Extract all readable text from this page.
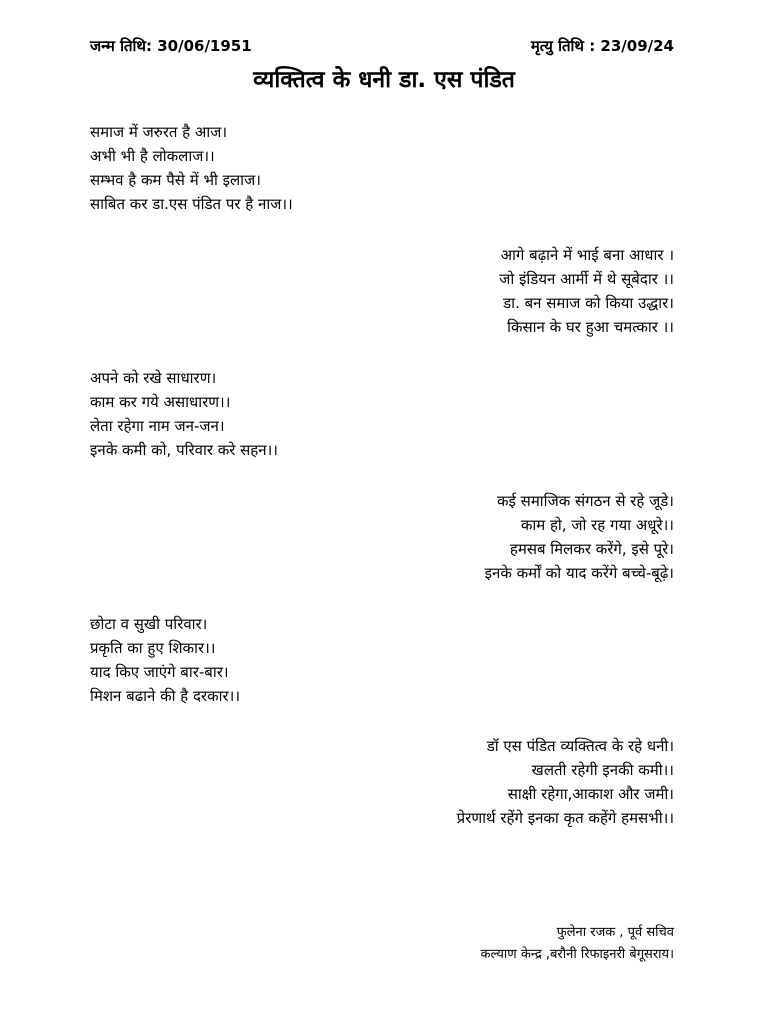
जन्म तिथि: 30/06/1951	मृत्यु तिथि : 23/09/24
व्यक्तित्व के धनी डा. एस पंडित
समाज में जरुरत है आज।
अभी भी है लोकलाज।।
सम्भव है कम पैसे में भी इलाज।
साबित कर डा.एस पंडित पर है नाज।।
आगे बढ़ाने में भाई बना आधार ।
जो इंडियन आर्मी में थे सूबेदार ।।
डा. बन समाज को किया उद्धार।
किसान के घर हुआ चमत्कार ।।
अपने को रखे साधारण।
काम कर गये असाधारण।।
लेता रहेगा नाम जन-जन।
इनके कमी को, परिवार करे सहन।।
कई समाजिक संगठन से रहे जूडे।
काम हो, जो रह गया अधूरे।।
हमसब मिलकर करेंगे, इसे पूरे।
इनके कर्मों को याद करेंगे बच्चे-बूढ़े।
छोटा व सुखी परिवार।
प्रकृति का हुए शिकार।।
याद किए जाएंगे बार-बार।
मिशन बढाने की है दरकार।।
डॉ एस पंडित व्यक्तित्व के रहे धनी।
खलती रहेगी इनकी कमी।।
साक्षी रहेगा,आकाश और जमी।
प्रेरणार्थ रहेंगे इनका कृत कहेंगे हमसभी।।
फुलेना रजक , पूर्व सचिव
कल्याण केन्द्र ,बरौनी रिफाइनरी बेगूसराय।
